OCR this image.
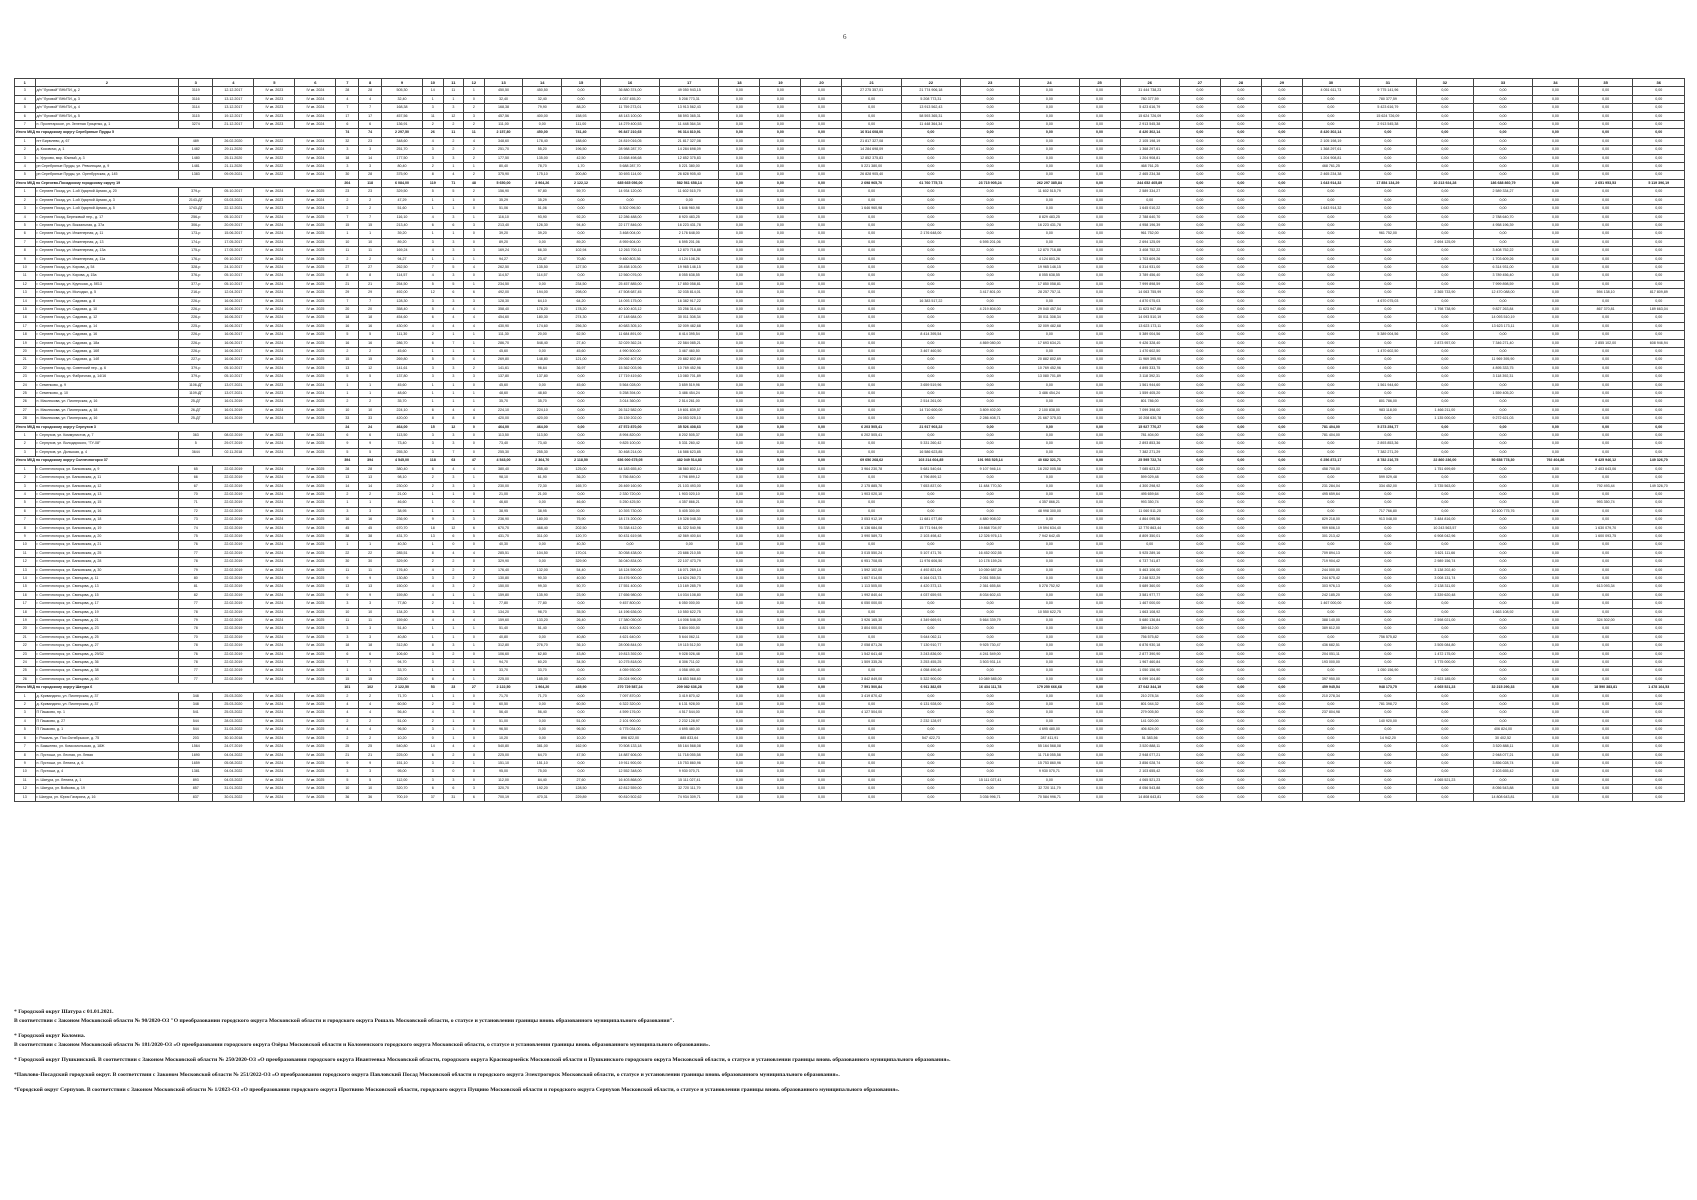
6
1	2	3	4	5	6	7	8	9	10	11	12	13	14	15	16	17	18	19	20	21	22	23	24	25	26	27	28	29	30	31	32	33	34	35	36
3	д/п "Луговой" ВНИТИ, д. 2	3119	12.12.2017	IV кв. 2023	IV кв. 2024	28	28	505,30	14	11	1	450,50	450,50	0,00	36 880 374,00	49 050 943,15	0,00	0,00	0,00	27 275 357,01	21 774 906,18	0,00	0,00	0,00	31 444 738,23	0,00	0,00	0,00	4 051 611,73	9 775 141,96	0,00	0,00	0,00	0,00	0,00
4	д/п "Луговой" ВНИТИ, д. 3	3116	13.12.2017	IV кв. 2023	IV кв. 2024	4	4	32,40	1	1	0	32,40	32,40	0,00	4 037 455,20	5 208 773,31	0,00	0,00	0,00	0,00	5 208 773,31	0,00	0,00	0,00	780 377,59	0,00	0,00	0,00	0,00	780 377,59	0,00	0,00	0,00	0,00	0,00
5	д/п "Луговой" ВНИТИ, д. 4	3114	13.12.2017	IV кв. 2023	IV кв. 2024	7	7	168,38	3	3	2	168,38	79,90	88,20	11 759 273,01	13 913 562,43	0,00	0,00	0,00	0,00	13 913 562,43	0,00	0,00	0,00	5 423 616,79	0,00	0,00	0,00	0,00	5 423 616,79	0,00	0,00	0,00	0,00	0,00
6	д/п "Луговой" ВНИТИ, д. 5	3115	19.12.2017	IV кв. 2023	IV кв. 2024	17	17	457,56	11	12	3	457,56	400,00	158,93	48 143 100,00	58 593 365,31	0,00	0,00	0,00	0,00	58 593 365,31	0,00	0,00	0,00	15 624 726,09	0,00	0,00	0,00	0,00	15 624 726,09	0,00	0,00	0,00	0,00	0,00
7	п. Пролетарское, ул. Зеленая Гриценко, д. 1	3274	21.12.2017	IV кв. 2023	IV кв. 2024	6	6	136,91	2	2	2	111,00	0,00	111,00	14 279 400,53	11 448 364,34	0,00	0,00	0,00	0,00	11 448 364,34	0,00	0,00	0,00	2 913 545,38	0,00	0,00	0,00	0,00	2 913 545,38	0,00	0,00	0,00	0,00	0,00
Итого МКД по городскому округу Серебряные Пруды 5						74	74	2 297,50	26	11	11	2 157,80	450,00	741,40	96 847 210,65	96 314 810,91	0,00	0,00	0,00	16 514 608,00	0,00	0,00	0,00	0,00	8 420 302,14	0,00	0,00	0,00	8 420 302,14	0,00	0,00	0,00	0,00	0,00	0,00
1	пгт Бирюлево, д. 67	489	26.02.2020	IV кв. 2022	IV кв. 2024	32	23	348,60	4	2	4	348,60	178,40	188,60	24 819 016,05	21 817 327,08	0,00	0,00	0,00	21 817 327,08	0,00	0,00	0,00	0,00	2 105 198,19	0,00	0,00	0,00	2 105 198,19	0,00	0,00	0,00	0,00	0,00	0,00
2	д. Косовичи, д. 1	1482	29.11.2020	IV кв. 2022	IV кв. 2024	3	3	251,70	3	2	2	251,70	55,20	196,50	28 988 287,70	14 284 698,09	0,00	0,00	0,00	14 284 698,09	0,00	0,00	0,00	0,00	1 368 297,61	0,00	0,00	0,00	1 368 297,61	0,00	0,00	0,00	0,00	0,00	0,00
3	с. Урусово, мкр. Южный, д. 3	1480	25.11.2020	IV кв. 2022	IV кв. 2024	18	14	177,50	3	3	2	177,50	135,00	42,50	13 658 498,68	12 852 375,83	0,00	0,00	0,00	12 852 375,83	0,00	0,00	0,00	0,00	1 204 908,81	0,00	0,00	0,00	1 204 908,81	0,00	0,00	0,00	0,00	0,00	0,00
4	рп Серебряные Пруды, ул. Революции, д. 9	1481	21.11.2020	IV кв. 2022	IV кв. 2024	3	3	80,40	2	1	1	80,40	78,70	1,70	5 688 287,70	5 221 380,00	0,00	0,00	0,00	5 221 380,00	0,00	0,00	0,00	0,00	468 761,25	0,00	0,00	0,00	468 761,25	0,00	0,00	0,00	0,00	0,00	0,00
5	рп Серебряные Пруды, ул. Оренбургская, д. 145	1383	09.09.2021	IV кв. 2022	IV кв. 2024	30	28	375,90	8	4	2	375,90	175,10	200,80	30 693 114,00	26 828 905,40	0,00	0,00	0,00	26 828 905,40	0,00	0,00	0,00	0,00	2 465 234,38	0,00	0,00	0,00	2 465 234,38	0,00	0,00	0,00	0,00	0,00	0,00
Итого МКД по Сергиево-Посадскому городскому округу 19						204	118	6 084,00	119	71	48	5 650,00	2 964,26	2 122,12	685 665 056,00	582 561 658,14	0,00	0,00	0,00	2 698 965,70	61 760 775,73	23 715 905,24	262 297 385,84	0,00	244 652 405,89	0,00	0,00	0,00	1 643 914,32	17 854 134,29	10 213 924,28	186 688 860,79	0,00	2 651 953,53	5 119 396,19
1	г. Сергиев Посад, ул. 1-ой Ударной Армии, д. 20	379-р	05.10.2017	IV кв. 2024	IV кв. 2025	23	23	329,50	5	5	2	156,90	97,80	59,70	14 934 120,00	11 602 515,79	0,00	0,00	0,00	0,00	0,00	0,00	11 602 515,79	0,00	2 589 334,27	0,00	0,00	0,00	0,00	0,00	0,00	2 589 334,27	0,00	0,00	0,00
2	г. Сергиев Посад, ул. 1-ой Ударной Армии, д. 3	2143-ДГ	03.03.2021	IV кв. 2023	IV кв. 2024	2	2	47,29	1	1	0	35,29	35,29	0,00	0,00	0,00	0,00	0,00	0,00	0,00	0,00	0,00	0,00	0,00	0,00	0,00	0,00	0,00	0,00	0,00	0,00	0,00	0,00	0,00	0,00
3	г. Сергиев Посад, ул. 1-ой Ударной Армии, д. 5	1743-ДГ	22.12.2021	IV кв. 2023	IV кв. 2024	2	2	51,60	1	1	0	51,06	51,06	0,00	5 302 096,50	1 646 960,98	0,00	0,00	0,00	1 646 960,98	0,00	0,00	0,00	0,00	1 645 010,22	0,00	0,00	0,00	1 643 914,32	0,00	0,00	0,00	0,00	0,00	0,00
4	г. Сергиев Посад, Березовый пер., д. 17	256-р	05.10.2017	IV кв. 2024	IV кв. 2025	7	7	116,10	4	3	1	116,10	93,90	92,20	12 286 488,00	8 920 483,25	0,00	0,00	0,00	0,00	0,00	0,00	8 829 483,25	0,00	2 788 640,70	0,00	0,00	0,00	0,00	0,00	0,00	2 788 640,70	0,00	0,00	0,00
5	г. Сергиев Посад, ул. Вокзальная, д. 37а	306-р	20.09.2017	IV кв. 2024	IV кв. 2025	15	15	213,40	6	6	3	213,40	126,30	94,40	22 177 846,00	16 223 431,78	0,00	0,00	0,00	0,00	0,00	0,00	16 223 431,78	0,00	4 958 196,39	0,00	0,00	0,00	0,00	0,00	0,00	4 958 196,39	0,00	0,00	0,00
6	г. Сергиев Посад, ул. Инженерная, д. 11	173-р	15.06.2017	IV кв. 2024	IV кв. 2025	1	1	39,20	1	1	0	39,20	39,20	0,00	3 468 004,00	2 176 648,00	0,00	0,00	0,00	0,00	2 176 648,00	0,00	0,00	0,00	961 752,00	0,00	0,00	0,00	0,00	961 752,00	0,00	0,00	0,00	0,00	0,00
7	г. Сергиев Посад, ул. Инженерная, д. 13	174-р	17.05.2017	IV кв. 2024	IV кв. 2025	10	10	89,20	3	3	0	89,20	0,00	89,20	8 959 604,00	6 595 201,06	0,00	0,00	0,00	0,00	0,00	6 595 201,06	0,00	0,00	2 694 125,09	0,00	0,00	0,00	0,00	0,00	2 694 125,09	0,00	0,00	0,00	0,00
8	г. Сергиев Посад, ул. Инженерная, д. 13а	175-р	17.05.2017	IV кв. 2024	IV кв. 2025	11	11	169,24	4	3	3	169,24	66,30	102,94	12 263 700,11	12 870 716,88	0,00	0,00	0,00	0,00	0,00	0,00	12 870 716,88	0,00	3 408 752,22	0,00	0,00	0,00	0,00	0,00	0,00	3 408 752,22	0,00	0,00	0,00
9	г. Сергиев Посад, ул. Инженерная, д. 11а	176-р	09.10.2017	IV кв. 2024	IV кв. 2025	2	2	94,27	1	1	1	94,27	23,47	70,80	9 460 803,36	4 124 108,26	0,00	0,00	0,00	0,00	0,00	0,00	4 124 803,26	0,00	1 703 609,26	0,00	0,00	0,00	0,00	0,00	0,00	1 703 609,26	0,00	0,00	0,00
10	г. Сергиев Посад, ул. Кирова, д. 54	328-р	24.10.2017	IV кв. 2024	IV кв. 2025	27	27	262,50	7	5	4	262,50	135,50	127,50	28 458 105,00	19 965 146,15	0,00	0,00	0,00	0,00	0,00	0,00	19 965 146,15	0,00	6 314 931,00	0,00	0,00	0,00	0,00	0,00	0,00	6 314 931,00	0,00	0,00	0,00
11	г. Сергиев Посад, ул. Кирова, д. 15а	376-р	05.10.2017	IV кв. 2024	IV кв. 2025	8	8	114,57	4	3	0	114,57	114,57	0,00	12 560 076,00	8 055 638,55	0,00	0,00	0,00	0,00	0,00	0,00	8 055 638,55	0,00	3 789 456,40	0,00	0,00	0,00	0,00	0,00	0,00	3 789 456,40	0,00	0,00	0,00
12	г. Сергиев Посад, ул. Крупская, д. 5б13	377-р	05.10.2017	IV кв. 2024	IV кв. 2025	21	21	254,50	5	5	1	234,50	0,00	234,50	25 457 885,00	17 850 058,81	0,00	0,00	0,00	0,00	0,00	0,00	17 850 058,81	0,00	7 999 898,59	0,00	0,00	0,00	0,00	0,00	0,00	7 999 898,59	0,00	0,00	0,00
13	г. Сергиев Посад, ул. Молодых, д. 5	216-р	12.04.2017	IV кв. 2024	IV кв. 2025	29	29	492,00	12	6	6	492,00	194,00	298,00	47 508 687,45	32 035 814,01	0,00	0,00	0,00	0,00	0,00	3 417 801,00	28 257 757,11	0,00	14 063 755,99	0,00	0,00	0,00	0,00	0,00	2 365 733,90	12 470 088,00	0,00	594 138,10	817 809,89
14	г. Сергиев Посад, ул. Садовая, д. 8	226-р	16.06.2017	IV кв. 2024	IV кв. 2025	7	7	128,30	3	3	3	128,30	64,10	64,20	14 093 175,00	16 382 917,22	0,00	0,00	0,00	0,00	16 383 517,22	0,00	0,00	0,00	4 870 075,03	0,00	0,00	0,00	0,00	4 670 075,03	0,00	0,00	0,00	0,00	0,00
15	г. Сергиев Посад, ул. Садовая, д. 10	226-р	16.06.2017	IV кв. 2024	IV кв. 2025	20	20	358,40	5	4	4	358,40	178,20	178,20	40 100 403,12	33 256 314,44	0,00	0,00	0,00	0,00	0,00	4 219 804,00	29 040 457,54	0,00	11 623 947,86	0,00	0,00	0,00	0,00	0,00	1 798 738,90	9 827 263,84	0,00	867 370,81	189 663,04
16	г. Сергиев Посад, ул. Садовая, д. 12	226-р	16.06.2017	IV кв. 2024	IV кв. 2025	18	18	454,60	6	4	4	454,60	180,30	274,30	47 148 684,00	30 011 308,34	0,00	0,00	0,00	0,00	0,00	0,00	30 011 308,34	0,00	14 093 510,19	0,00	0,00	0,00	0,00	0,00	0,00	14 093 510,19	0,00	0,00	0,00
17	г. Сергиев Посад, ул. Садовая, д. 14	225-р	16.06.2017	IV кв. 2024	IV кв. 2025	16	16	430,90	4	4	4	430,90	174,60	256,30	40 683 305,10	32 009 482,68	0,00	0,00	0,00	0,00	0,00	0,00	32 009 482,68	0,00	13 623 173,11	0,00	0,00	0,00	0,00	0,00	0,00	13 623 173,11	0,00	0,00	0,00
18	г. Сергиев Посад, ул. Садовая, д. 16	226-р	16.06.2017	IV кв. 2024	IV кв. 2025	5	5	111,30	2	1	1	111,30	20,00	62,50	11 684 891,00	8 414 395,54	0,00	0,00	0,00	0,00	8 414 395,54	0,00	0,00	0,00	5 389 004,56	0,00	0,00	0,00	0,00	5 389 004,56	0,00	0,00	0,00	0,00	0,00
19	г. Сергиев Посад, ул. Садовая, д. 18а	226-р	16.06.2017	IV кв. 2024	IV кв. 2025	16	16	286,70	6	7	1	286,70	548,40	27,40	32 029 362,24	22 584 085,21	0,00	0,00	0,00	0,00	0,00	4 869 080,00	17 693 634,21	0,00	9 426 328,40	0,00	0,00	0,00	0,00	0,00	2 873 957,00	7 346 271,40	0,00	2 855 102,00	608 946,94
20	г. Сергиев Посад, ул. Садовая, д. 16б	226-р	16.06.2017	IV кв. 2024	IV кв. 2025	2	2	45,60	1	1	1	45,60	0,00	45,60	4 990 500,00	3 467 460,50	0,00	0,00	0,00	0,00	3 467 460,50	0,00	0,00	0,00	1 470 602,50	0,00	0,00	0,00	0,00	1 470 602,50	0,00	0,00	0,00	0,00	0,00
21	г. Сергиев Посад, ул. Садовая, д. 14б	227-р	16.06.2017	IV кв. 2024	IV кв. 2025	15	15	269,80	5	5	4	269,80	148,80	121,00	29 092 407,00	20 882 802,69	0,00	0,00	0,00	0,00	0,00	0,00	20 882 802,69	0,00	11 969 395,90	0,00	0,00	0,00	0,00	0,00	0,00	11 969 395,90	0,00	0,00	0,00
22	г. Сергиев Посад, пр. Советский пер., д. 6	379-р	05.10.2017	IV кв. 2024	IV кв. 2025	13	12	141,61	3	3	2	141,61	96,64	36,97	15 362 003,96	10 769 452,96	0,00	0,00	0,00	0,00	0,00	0,00	10 769 452,96	0,00	4 895 333,75	0,00	0,00	0,00	0,00	0,00	0,00	4 895 333,75	0,00	0,00	0,00
23	г. Сергиев Посад, ул. Фабричная, д. 14/16	379-р	05.10.2017	IV кв. 2024	IV кв. 2025	5	5	137,80	3	3	3	137,80	137,80	0,00	17 719 419,60	13 080 701,89	0,00	0,00	0,00	0,00	0,00	0,00	13 080 701,89	0,00	3 118 392,31	0,00	0,00	0,00	0,00	0,00	0,00	3 118 392,31	0,00	0,00	0,00
24	г. Семенково, д. 9	1106-ДГ	13.07.2021	IV кв. 2023	IV кв. 2024	1	1	45,60	1	1	0	45,60	0,00	45,60	5 564 028,00	3 659 519,96	0,00	0,00	0,00	0,00	3 659 519,96	0,00	0,00	0,00	1 561 944,60	0,00	0,00	0,00	0,00	1 561 944,60	0,00	0,00	0,00	0,00	0,00
25	г. Семенково, д. 10	1109-ДГ	13.07.2021	IV кв. 2023	IV кв. 2024	1	1	48,60	1	1	1	48,60	48,60	0,00	5 258 394,00	3 486 454,24	0,00	0,00	0,00	0,00	0,00	0,00	3 486 454,24	0,00	1 559 405,20	0,00	0,00	0,00	0,00	0,00	0,00	1 559 405,20	0,00	0,00	0,00
26	п. Маслюкова, ул. Пионерская, д. 16	25-ДГ	16.01.2019	IV кв. 2024	IV кв. 2025	2	2	35,70	1	1	1	35,70	35,70	0,00	3 014 360,00	2 514 261,00	0,00	0,00	0,00	0,00	2 514 261,00	0,00	0,00	0,00	801 786,00	0,00	0,00	0,00	0,00	801 786,00	0,00	0,00	0,00	0,00	0,00
27	п. Маслюкова, ул. Пионерская, д. 18	26-ДГ	16.01.2019	IV кв. 2024	IV кв. 2025	10	10	224,10	6	4	4	224,10	224,10	0,00	26 312 582,00	19 601 839,57	0,00	0,00	0,00	0,00	14 710 600,00	3 809 402,00	2 100 838,00	0,00	7 099 398,00	0,00	0,00	0,00	0,00	983 118,00	1 466 211,00	0,00	0,00	0,00	0,00
28	п. Маслюкова, ул. Пионерская, д. 16	25-ДГ	16.01.2019	IV кв. 2024	IV кв. 2025	33	33	420,00	8	8	8	420,00	420,00	0,00	25 139 202,00	24 053 025,10	0,00	0,00	0,00	0,00	0,00	2 286 408,71	21 667 375,03	0,00	10 208 630,78	0,00	0,00	0,00	0,00	0,00	1 135 000,00	9 272 621,03	0,00	0,00	0,00
Итого МКД по городскому округу Серпухов 3						24	24	464,00	15	12	0	464,00	464,00	0,00	47 572 870,00	35 526 408,63	0,00	0,00	0,00	6 203 505,41	21 917 903,22	0,00	0,00	0,00	15 927 770,27	0,00	0,00	0,00	781 404,00	5 273 254,77	0,00	0,00	0,00	0,00	0,00
1	г. Серпухов, ул. Коммунистов, д. 7	363	08.02.2019	IV кв. 2023	IV кв. 2024	6	6	113,50	3	3	0	113,50	113,50	0,00	8 994 820,00	8 202 505,37	0,00	0,00	0,00	6 202 505,41	0,00	0,00	0,00	0,00	781 404,00	0,00	0,00	0,00	781 404,00	0,00	0,00	0,00	0,00	0,00	0,00
2	г. Серпухов, ул. Володарского, "ГУ-08"	5	29.07.2019	IV кв. 2024	IV кв. 2025	9	9	73,40	3	3	0	73,40	73,40	0,00	9 825 100,00	5 331 260,42	0,00	0,00	0,00	0,00	5 331 260,42	0,00	0,00	0,00	2 893 853,36	0,00	0,00	0,00	0,00	2 893 853,36	0,00	0,00	0,00	0,00	0,00
3	г. Серпухов, ул. Дольская, д. 4	3644	02.11.2018	IV кв. 2024	IV кв. 2025	5	5	255,30	3	7	0	255,30	255,30	0,00	30 468 214,00	16 586 623,85	0,00	0,00	0,00	0,00	16 586 623,85	0,00	0,00	0,00	7 382 271,29	0,00	0,00	0,00	0,00	7 382 271,29	0,00	0,00	0,00	0,00	0,00
Итого МКД по городскому округу Солнечногорск 37						394	394	4 545,00	118	63	47	4 543,00	2 364,70	2 118,50	656 000 675,05	482 049 514,83	0,00	0,00	0,00	69 656 268,62	103 214 604,85	191 953 525,14	40 682 321,71	0,00	25 595 722,74	0,00	0,00	0,00	6 256 872,17	8 782 216,75	22 860 236,00	50 658 778,30	792 404,86	9 425 946,12	149 326,70
1	г. Солнечногорск, ул. Банковская, д. 9	65	22.02.2019	IV кв. 2024	IV кв. 2025	28	28	380,40	6	4	4	380,40	255,40	125,00	44 183 655,40	38 560 802,14	0,00	0,00	0,00	3 964 230,78	5 681 540,64	9 107 946,14	16 202 005,58	0,00	7 085 623,22	0,00	0,00	0,00	458 700,00	0,00	1 751 699,69	0,00	0,00	2 403 643,06	0,00
2	г. Солнечногорск, ул. Банковская, д. 11	66	22.02.2019	IV кв. 2024	IV кв. 2025	13	13	98,10	2	3	1	98,10	61,90	36,20	5 756 840,00	4 796 899,12	0,00	0,00	0,00	0,00	4 796 899,12	0,00	0,00	0,00	599 029,48	0,00	0,00	0,00	0,00	599 029,48	0,00	0,00	0,00	0,00	0,00
3	г. Солнечногорск, ул. Банковская, д. 12	67	22.02.2019	IV кв. 2024	IV кв. 2025	14	14	230,00	2	3	3	230,00	72,30	165,70	26 469 160,90	21 103 493,00	0,00	0,00	0,00	2 175 885,70	7 653 837,00	11 484 770,30	0,00	0,00	4 300 298,92	0,00	0,00	0,00	231 284,04	334 452,00	3 735 563,00	0,00	0,00	792 493,44	149 326,70
4	г. Солнечногорск, ул. Банковская, д. 13	70	22.02.2019	IV кв. 2024	IV кв. 2025	2	2	21,00	1	1	0	21,00	21,00	0,00	2 330 720,00	1 903 020,10	0,00	0,00	0,00	1 903 020,10	0,00	0,00	0,00	0,00	495 659,64	0,00	0,00	0,00	495 659,64	0,00	0,00	0,00	0,00	0,00	0,00
5	г. Солнечногорск, ул. Банковская, д. 15	71	22.02.2019	IV кв. 2024	IV кв. 2025	1	1	46,60	1	0	0	46,60	0,00	46,60	5 250 425,50	4 357 866,21	0,00	0,00	0,00	0,00	0,00	0,00	4 357 866,21	0,00	993 350,74	0,00	0,00	0,00	0,00	0,00	0,00	0,00	0,00	993 350,74	0,00
6	г. Солнечногорск, ул. Банковская, д. 16	72	22.02.2019	IV кв. 2024	IV кв. 2025	3	3	38,95	1	1	1	38,95	38,95	0,00	10 393 730,00	5 405 300,00	0,00	0,00	0,00	0,00	0,00	0,00	48 998 300,00	0,00	11 060 511,20	0,00	0,00	0,00	0,00	717 766,80	0,00	10 100 775,76	0,00	0,00	0,00
7	г. Солнечногорск, ул. Банковская, д. 18	73	22.02.2019	IV кв. 2024	IV кв. 2025	16	16	236,90	9	3	3	236,90	180,00	75,90	18 174 200,00	19 328 048,30	0,00	0,00	0,00	3 053 912,19	11 681 077,80	4 880 908,02	0,00	0,00	4 864 095,56	0,00	0,00	0,00	829 218,00	913 048,00	3 484 816,00	0,00	0,00	0,00	0,00
8	г. Солнечногорск, ул. Банковская, д. 19	74	22.02.2019	IV кв. 2024	IV кв. 2025	45	45	670,70	18	12	6	670,70	468,40	202,50	76 338 412,00	61 322 540,96	0,00	0,00	0,00	6 136 684,08	15 771 944,99	19 868 704,97	19 594 634,40	0,00	12 770 863,44	0,00	0,00	0,00	909 606,10	0,00	10 243 563,57	0,00	0,00	1 630 079,70	0,00
9	г. Солнечногорск, ул. Банковская, д. 20	75	22.02.2019	IV кв. 2024	IV кв. 2025	38	38	431,70	13	6	5	431,70	311,00	120,70	50 431 619,98	42 569 400,64	0,00	0,00	0,00	3 990 589,73	2 103 498,42	12 326 976,13	7 942 642,45	0,00	8 809 350,01	0,00	0,00	0,00	301 213,42	0,00	6 908 042,96	0,00	0,00	1 600 093,75	0,00
10	г. Солнечногорск, ул. Банковская, д. 21	76	22.02.2019	IV кв. 2024	IV кв. 2025	1	1	40,30	1	0	0	40,30	0,00	40,30	0,00	0,00	0,00	0,00	0,00	0,00	0,00	0,00	0,00	0,00	0,00	0,00	0,00	0,00	0,00	0,00	0,00	0,00	0,00	0,00	0,00
11	г. Солнечногорск, ул. Банковская, д. 25	77	22.02.2019	IV кв. 2024	IV кв. 2025	22	22	285,51	8	4	4	285,51	104,50	170,01	30 058 438,00	23 686 210,55	0,00	0,00	0,00	3 015 550,24	5 107 471,76	16 452 002,55	0,00	0,00	5 925 289,16	0,00	0,00	0,00	709 894,13	0,00	3 621 111,66	0,00	0,00	0,00	0,00
12	г. Солнечногорск, ул. Банковская, д. 28	78	22.02.2019	IV кв. 2024	IV кв. 2025	30	30	329,90	2	2	0	329,90	0,00	329,90	36 040 834,00	22 107 473,79	0,00	0,00	0,00	6 951 708,05	11 976 606,50	10 178 159,24	0,00	0,00	6 737 741,87	0,00	0,00	0,00	719 904,42	0,00	2 989 156,74	0,00	0,00	0,00	0,00
13	г. Солнечногорск, ул. Банковская, д. 30	79	22.02.2019	IV кв. 2024	IV кв. 2025	11	11	176,40	4	2	2	176,40	132,00	54,40	18 124 590,00	16 071 269,14	0,00	0,00	0,00	1 592 102,00	4 492 821,04	10 050 687,28	0,00	0,00	5 463 106,00	0,00	0,00	0,00	244 000,00	0,00	3 138 202,40	0,00	0,00	0,00	0,00
14	г. Солнечногорск, ул. Свинцова, д. 11	80	22.02.2019	IV кв. 2024	IV кв. 2025	9	9	130,80	3	2	2	130,80	90,30	40,50	15 476 900,00	14 624 260,73	0,00	0,00	0,00	1 607 014,00	6 164 013,73	2 051 555,54	0,00	0,00	2 248 522,29	0,00	0,00	0,00	244 675,42	0,00	3 008 131,74	0,00	0,00	0,00	0,00
15	г. Солнечногорск, ул. Свинцова, д. 13	81	22.02.2019	IV кв. 2024	IV кв. 2025	13	13	150,00	4	3	2	150,00	99,30	50,70	17 551 400,00	13 169 285,79	0,00	0,00	0,00	1 113 505,00	4 420 373,13	2 361 655,84	5 278 752,92	0,00	5 689 360,00	0,00	0,00	0,00	303 976,13	0,00	2 138 311,00	0,00	0,00	613 093,34	0,00
16	г. Солнечногорск, ул. Свинцова, д. 15	82	22.02.2019	IV кв. 2024	IV кв. 2025	9	9	159,80	4	1	1	159,80	135,90	23,90	17 656 980,00	14 034 108,80	0,00	0,00	0,00	1 992 840,44	4 037 659,93	8 034 602,43	0,00	0,00	3 581 977,77	0,00	0,00	0,00	242 185,20	0,00	3 339 620,48	0,00	0,00	0,00	0,00
17	г. Солнечногорск, ул. Свинцова, д. 17	77	22.02.2019	IV кв. 2024	IV кв. 2025	3	3	77,80	2	1	1	77,80	77,80	0,00	9 457 800,00	6 050 000,00	0,00	0,00	0,00	6 050 000,00	0,00	0,00	0,00	0,00	1 467 000,00	0,00	0,00	0,00	1 467 000,00	0,00	0,00	0,00	0,00	0,00	0,00
18	г. Солнечногорск, ул. Свинцова, д. 19	78	22.02.2019	IV кв. 2024	IV кв. 2025	10	10	134,20	5	3	3	134,20	98,70	35,50	14 196 636,00	10 550 622,75	0,00	0,00	0,00	0,00	0,00	0,00	10 550 622,75	0,00	1 663 108,92	0,00	0,00	0,00	0,00	0,00	0,00	1 663 108,92	0,00	0,00	0,00
19	г. Солнечногорск, ул. Свинцова, д. 21	79	22.02.2019	IV кв. 2024	IV кв. 2025	11	11	159,60	4	4	4	159,60	133,20	26,40	17 380 050,00	14 006 546,00	0,00	0,00	0,00	3 926 165,30	4 349 669,91	5 664 339,79	0,00	0,00	5 680 136,84	0,00	0,00	0,00	388 140,00	0,00	2 598 021,00	0,00	0,00	324 302,00	0,00
20	г. Солнечногорск, ул. Свинцова, д. 23	78	22.02.2019	IV кв. 2024	IV кв. 2025	3	3	51,40	1	1	1	51,40	51,40	0,00	4 821 900,00	3 804 000,00	0,00	0,00	0,00	3 804 000,00	0,00	0,00	0,00	0,00	389 612,00	0,00	0,00	0,00	389 612,00	0,00	0,00	0,00	0,00	0,00	0,00
21	г. Солнечногорск, ул. Свинцова, д. 25	70	22.02.2019	IV кв. 2024	IV кв. 2025	3	3	40,80	1	1	0	40,80	0,00	40,80	4 621 640,00	5 644 062,11	0,00	0,00	0,00	0,00	5 644 062,11	0,00	0,00	0,00	756 575,82	0,00	0,00	0,00	0,00	756 575,82	0,00	0,00	0,00	0,00	0,00
22	г. Солнечногорск, ул. Свинцова, д. 27	78	22.02.2019	IV кв. 2024	IV кв. 2025	18	18	312,80	8	3	1	312,80	276,70	36,10	28 006 844,00	19 115 512,50	0,00	0,00	0,00	2 058 871,26	7 130 910,77	9 925 730,47	0,00	0,00	6 876 930,18	0,00	0,00	0,00	436 682,51	0,00	3 505 084,80	0,00	0,00	0,00	0,00
23	г. Солнечногорск, ул. Свинцова, д. 29/32	76	22.02.2019	IV кв. 2024	IV кв. 2025	6	6	106,60	3	2	0	106,60	62,80	43,80	19 813 392,00	9 028 026,48	0,00	0,00	0,00	1 542 641,48	3 243 836,00	4 241 549,00	0,00	0,00	2 877 390,90	0,00	0,00	0,00	204 051,11	0,00	1 472 175,00	0,00	0,00	0,00	0,00
24	г. Солнечногорск, ул. Свинцова, д. 36	78	22.02.2019	IV кв. 2024	IV кв. 2025	7	7	94,70	3	2	1	94,70	60,20	34,50	10 275 818,00	8 306 711,02	0,00	0,00	0,00	1 509 335,26	3 253 455,25	3 503 931,14	0,00	0,00	1 967 460,84	0,00	0,00	0,00	193 000,00	0,00	1 775 000,00	0,00	0,00	0,00	0,00
25	г. Солнечногорск, ул. Свинцова, д. 38	77	22.02.2019	IV кв. 2024	IV кв. 2025	1	1	33,70	1	1	0	33,70	33,70	0,00	4 059 930,00	4 058 490,40	0,00	0,00	0,00	0,00	4 058 490,40	0,00	0,00	0,00	1 050 156,90	0,00	0,00	0,00	0,00	1 050 156,90	0,00	0,00	0,00	0,00	0,00
26	г. Солнечногорск, ул. Свинцова, д. 40	77	22.02.2019	IV кв. 2024	IV кв. 2025	15	15	225,00	6	4	1	225,00	185,00	40,00	25 024 990,00	18 853 568,60	0,00	0,00	0,00	3 842 849,00	5 322 900,00	10 089 585,00	0,00	0,00	6 099 104,80	0,00	0,00	0,00	397 950,00	0,00	2 923 185,00	0,00	0,00	0,00	0,00
Итого МКД по городскому округу Шатура 6						101	102	2 122,50	53	23	27	2 122,50	1 964,20	435,90	270 729 587,24	209 082 636,28	0,00	0,00	0,00	7 591 500,84	6 911 382,05	16 434 111,78	179 250 666,68	0,00	37 042 344,19	0,00	0,00	0,00	459 945,54	948 173,75	4 065 521,23	32 215 290,33	0,00	18 590 383,81	1 478 164,53
1	д. Кривандино, ул. Пионерская, д. 37	348	25.03.2020	IV кв. 2024	IV кв. 2025	2	2	71,70	1	1	0	71,70	71,70	0,00	7 097 870,00	3 419 870,42	0,00	0,00	0,00	3 419 870,42	0,00	0,00	0,00	0,00	210 278,34	0,00	0,00	0,00	210 278,34	0,00	0,00	0,00	0,00	0,00	0,00
2	д. Кривандино, ул. Пионерская, д. 37	348	25.03.2020	IV кв. 2024	IV кв. 2025	4	4	60,50	2	2	0	60,50	0,00	60,50	6 322 320,00	6 131 928,00	0,00	0,00	0,00	0,00	6 131 928,00	0,00	0,00	0,00	801 044,32	0,00	0,00	0,00	0,00	781 398,72	0,00	0,00	0,00	0,00	0,00
3	П Пашково, пр. 1	541	25.03.2022	IV кв. 2024	IV кв. 2025	4	4	56,40	4	3	0	56,40	56,40	0,00	4 599 176,00	4 517 544,00	0,00	0,00	0,00	4 127 504,00	0,00	0,00	0,00	0,00	279 005,50	0,00	0,00	0,00	237 804,98	0,00	0,00	0,00	0,00	0,00	0,00
4	П Пашково, д. 27	544	28.03.2022	IV кв. 2024	IV кв. 2025	2	2	51,00	2	1	0	51,00	0,00	51,00	2 101 900,00	2 232 128,97	0,00	0,00	0,00	0,00	2 232 128,97	0,00	0,00	0,00	141 020,00	0,00	0,00	0,00	0,00	140 920,00	0,00	0,00	0,00	0,00	0,00
5	П Пашково, д. 1	544	31.03.2022	IV кв. 2024	IV кв. 2025	4	4	96,50	3	1	0	96,50	0,00	96,50	6 775 034,00	4 695 480,00	0,00	0,00	0,00	0,00	0,00	0,00	4 695 480,00	0,00	406 824,00	0,00	0,00	0,00	0,00	0,00	0,00	406 824,00	0,00	0,00	0,00
6	г. Рошаль, ул. Пос.Октябрьское, д. 75	203	30.10.2018	IV кв. 2024	IV кв. 2025	2	2	10,20	0	1	0	10,20	0,00	10,20	896 622,00	885 833,64	0,00	0,00	0,00	0,00	547 422,73	0,00	287 411,91	0,00	51 383,56	0,00	0,00	0,00	0,00	14 942,20	0,00	30 402,52	0,00	0,00	0,00
7	п. Бакшеево, ул. Комсомольская, д. 18Ж	1564	24.07.2019	IV кв. 2024	IV кв. 2025	25	25	540,80	14	4	4	540,80	381,00	162,90	70 508 133,18	55 164 568,08	0,00	0,00	0,00	0,00	0,00	0,00	55 164 568,08	0,00	3 520 888,11	0,00	0,00	0,00	0,00	0,00	0,00	3 520 888,11	0,00	0,00	0,00
8	п. Пустоши, ул. Лесная, ул. Левая	1690	04.04.2022	IV кв. 2024	IV кв. 2025	21	21	225,00	6	2	0	225,00	64,70	47,50	14 887 606,00	11 718 055,58	0,00	0,00	0,00	0,00	0,00	0,00	11 718 055,58	0,00	2 948 077,21	0,00	0,00	0,00	0,00	0,00	0,00	2 948 077,21	0,00	0,00	0,00
9	п. Пустоши, ул. Ленина, д. 6	1659	05.08.2022	IV кв. 2024	IV кв. 2025	9	9	151,10	3	2	1	151,10	151,10	0,00	19 911 900,00	15 753 860,96	0,00	0,00	0,00	0,00	0,00	0,00	15 753 860,96	0,00	3 856 028,74	0,00	0,00	0,00	0,00	0,00	0,00	3 856 028,74	0,00	0,00	0,00
10	п. Пустоши, д. 4	1381	04.04.2022	IV кв. 2024	IV кв. 2025	3	3	95,00	3	0	0	95,00	75,00	0,00	12 552 348,00	9 930 070,71	0,00	0,00	0,00	0,00	0,00	0,00	9 930 070,71	0,00	2 103 655,42	0,00	0,00	0,00	0,00	0,00	0,00	2 103 655,42	0,00	0,00	0,00
11	п. Шатура, ул. Ленина, д. 1	893	04.03.2022	IV кв. 2024	IV кв. 2025	5	5	112,00	3	3	0	112,00	84,40	27,60	16 403 868,00	15 111 027,41	0,00	0,00	0,00	0,00	0,00	15 111 027,41	0,00	0,00	4 065 521,23	0,00	0,00	0,00	0,00	0,00	4 065 521,23	0,00	0,00	0,00	0,00
12	п. Шатура, ул. Войкова, д. 19	857	31.01.2022	IV кв. 2024	IV кв. 2025	10	10	320,70	6	6	3	320,70	192,20	128,50	42 812 559,00	32 720 111,79	0,00	0,00	0,00	0,00	0,00	0,00	32 720 111,79	0,00	8 056 543,88	0,00	0,00	0,00	0,00	0,00	0,00	8 056 543,88	0,00	0,00	0,00
13	г. Шатура, ул. Юрия Гагарина, д. 16	837	30.01.2022	IV кв. 2024	IV кв. 2025	36	36	700,19	37	31	6	700,19	470,31	229,89	90 810 502,62	74 934 309,71	0,00	0,00	0,00	0,00	0,00	3 036 996,71	70 584 996,71	0,00	14 808 643,81	0,00	0,00	0,00	0,00	0,00	0,00	14 808 643,81	0,00	0,00	0,00

* Городской округ Шатура с 01.01.2021.

В соответствии с Законом Московской области № 90/2020-ОЗ "О преобразовании городского округа Московской области и городского округа Рошаль Московской области, о статусе и установлении границы вновь образованного муниципального образования".

* Городской округ Коломна.

В соответствии с Законом Московской области № 181/2020-ОЗ «О преобразовании городского округа Озёры Московской области и Коломенского городского округа Московской области, о статусе и установлении границы вновь образованного муниципального образования».

* Городской округ Пушкинский. В соответствии с Законом Московской области № 250/2020-ОЗ «О преобразовании городского округа Ивантеевка Московской области, городского округа Красноармейск Московской области и Пушкинского городского округа Московской области, о статусе и установлении границы вновь образованного муниципального образования».

*Павлово-Посадский городской округ. В соответствии с Законом Московской области № 251/2022-ОЗ «О преобразовании городского округа Павловский Посад Московской области и городского округа Электрогорск Московской области, о статусе и установлении границы вновь образованного муниципального образования».

*Городской округ Серпухов. В соответствии с Законом Московской области № 1/2023-ОЗ «О преобразовании городского округа Протвино Московской области, городского округа Пущино Московской области и городского округа Серпухов Московской области, о статусе и установлении границы вновь образованного муниципального образования».
